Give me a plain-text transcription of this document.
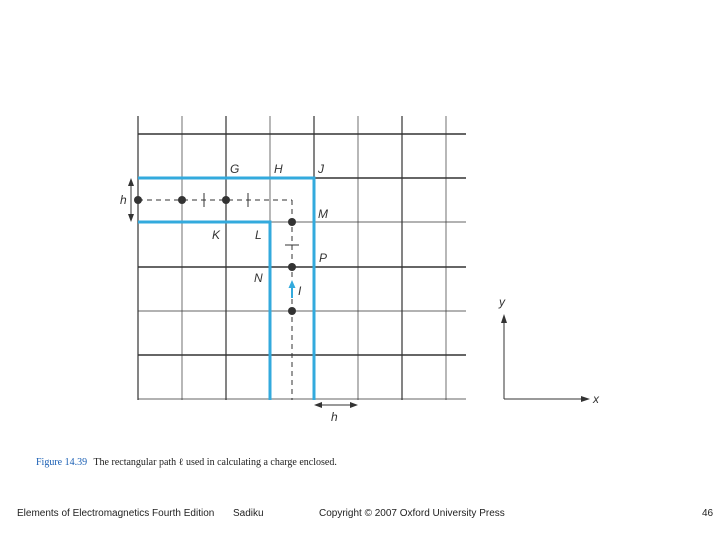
G	H	J
M
K	L
P
N
I
h
h
y
x
Figure 14.39 The rectangular path ℓ used in calculating a charge enclosed.
Elements of Electromagnetics Fourth Edition Sadiku	Copyright © 2007 Oxford University Press	46
